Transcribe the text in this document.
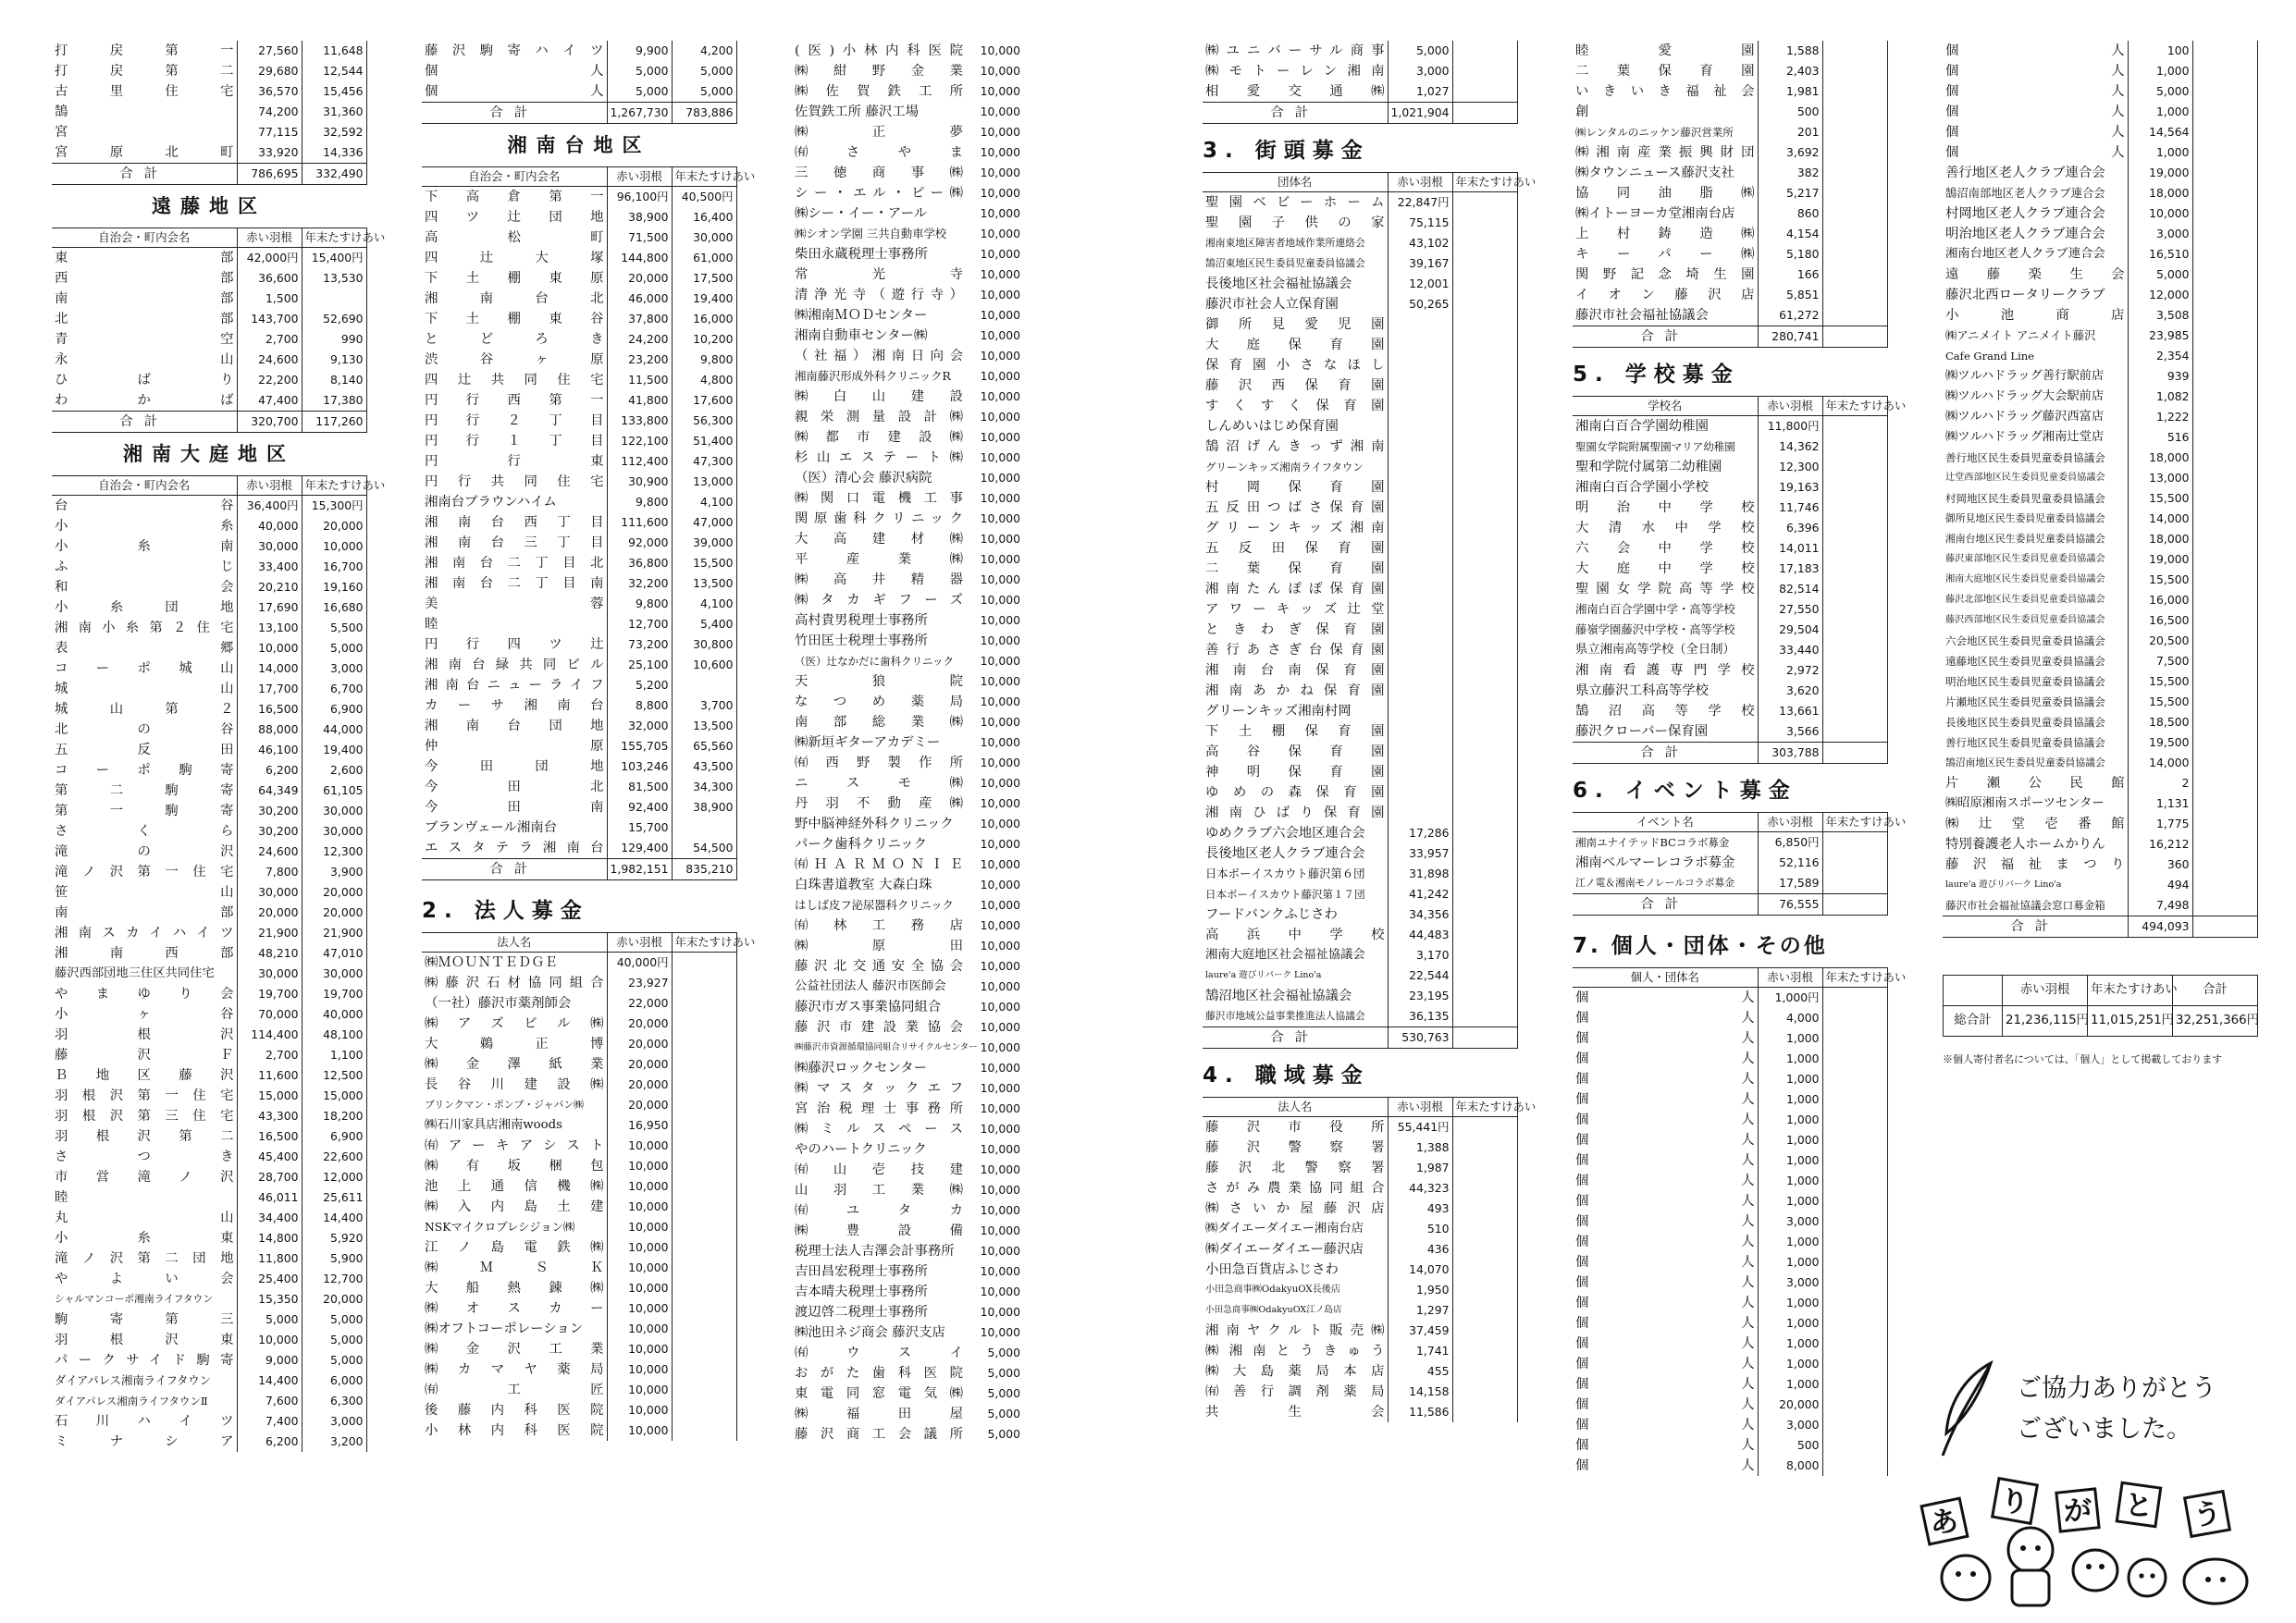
打戻第一	27,560	11,648
打戻第二	29,680	12,544
古里住宅	36,570	15,456
鵠	74,200	31,360
宮	77,115	32,592
宮原北町	33,920	14,336
合計	786,695	332,490
遠藤地区
自治会・町内会名	赤い羽根	年末たすけあい
東部	42,000円	15,400円
西部	36,600	13,530
南部	1,500	
北部	143,700	52,690
青空	2,700	990
永山	24,600	9,130
ひばり	22,200	8,140
わかば	47,400	17,380
合計	320,700	117,260
湘南大庭地区
自治会・町内会名	赤い羽根	年末たすけあい
台谷	36,400円	15,300円
小糸	40,000	20,000
小糸南	30,000	10,000
ふじ	33,400	16,700
和会	20,210	19,160
小糸団地	17,690	16,680
湘南小糸第２住宅	13,100	5,500
表郷	10,000	5,000
コーポ城山	14,000	3,000
城山	17,700	6,700
城山第２	16,500	6,900
北の谷	88,000	44,000
五反田	46,100	19,400
コーポ駒寄	6,200	2,600
第二駒寄	64,349	61,105
第一駒寄	30,200	30,000
さくら	30,200	30,000
滝の沢	24,600	12,300
滝ノ沢第一住宅	7,800	3,900
笹山	30,000	20,000
南部	20,000	20,000
湘南スカイハイツ	21,900	21,900
湘南西部	48,210	47,010
藤沢西部団地三住区共同住宅	30,000	30,000
やまゆり会	19,700	19,700
小ヶ谷	70,000	40,000
羽根沢	114,400	48,100
藤沢Ｆ	2,700	1,100
Ｂ地区藤沢	11,600	12,500
羽根沢第一住宅	15,000	15,000
羽根沢第三住宅	43,300	18,200
羽根沢第二	16,500	6,900
さつき	45,400	22,600
市営滝ノ沢	28,700	12,000
睦	46,011	25,611
丸山	34,400	14,400
小糸東	14,800	5,920
滝ノ沢第二団地	11,800	5,900
やよい会	25,400	12,700
シャルマンコーポ湘南ライフタウン	15,350	20,000
駒寄第三	5,000	5,000
羽根沢東	10,000	5,000
パークサイド駒寄	9,000	5,000
ダイアパレス湘南ライフタウン	14,400	6,000
ダイアパレス湘南ライフタウンⅡ	7,600	6,300
石川ハイツ	7,400	3,000
ミナシア	6,200	3,200
藤沢駒寄ハイツ	9,900	4,200
個人	5,000	5,000
個人	5,000	5,000
合計	1,267,730	783,886
湘南台地区
自治会・町内会名	赤い羽根	年末たすけあい
下高倉第一	96,100円	40,500円
四ツ辻団地	38,900	16,400
高松町	71,500	30,000
四辻大塚	144,800	61,000
下土棚東原	20,000	17,500
湘南台北	46,000	19,400
下土棚東谷	37,800	16,000
とどろき	24,200	10,200
渋谷ヶ原	23,200	9,800
四辻共同住宅	11,500	4,800
円行西第一	41,800	17,600
円行２丁目	133,800	56,300
円行１丁目	122,100	51,400
円行東	112,400	47,300
円行共同住宅	30,900	13,000
湘南台ブラウンハイム	9,800	4,100
湘南台西丁目	111,600	47,000
湘南台三丁目	92,000	39,000
湘南台二丁目北	36,800	15,500
湘南台二丁目南	32,200	13,500
美蓉	9,800	4,100
睦	12,700	5,400
円行四ツ辻	73,200	30,800
湘南台緑共同ビル	25,100	10,600
湘南台ニューライフ	5,200	
カーサ湘南台	8,800	3,700
湘南台団地	32,000	13,500
仲原	155,705	65,560
今田団地	103,246	43,500
今田北	81,500	34,300
今田南	92,400	38,900
ブランヴェール湘南台	15,700	
エスタテラ湘南台	129,400	54,500
合計	1,982,151	835,210
2. 法人募金
法人名	赤い羽根	年末たすけあい
㈱ＭＯＵＮＴＥＤＧＥ	40,000円	
㈱藤沢石材協同組合	23,927	
（一社）藤沢市薬剤師会	22,000	
㈱アズビル㈱	20,000	
大鵜正博	20,000	
㈱金澤紙業	20,000	
長谷川建設㈱	20,000	
ブリンクマン・ポンプ・ジャパン㈱	20,000	
㈱石川家具店湘南woods	16,950	
㈲アーキアシスト	10,000	
㈱有坂梱包	10,000	
池上通信機㈱	10,000	
㈱入内島土建	10,000	
NSKマイクロプレシジョン㈱	10,000	
江ノ島電鉄㈱	10,000	
㈱ＭＳＫ	10,000	
大船熱錬㈱	10,000	
㈱オスカー	10,000	
㈱オフトコーポレーション	10,000	
㈱金沢工業	10,000	
㈱カマヤ薬局	10,000	
㈲工匠	10,000	
後藤内科医院	10,000	
小林内科医院	10,000	
(医)小林内科医院	10,000
㈱紺野金業	10,000
㈱佐賀鉄工所	10,000
佐賀鉄工所 藤沢工場	10,000
㈱正夢	10,000
㈲さやま	10,000
三徳商事㈱	10,000
シー・エル・ピー㈱	10,000
㈱シー・イー・アール	10,000
㈱シオン学園 三共自動車学校	10,000
柴田永蔵税理士事務所	10,000
常光寺	10,000
清浄光寺（遊行寺）	10,000
㈱湘南ＭＯＤセンター	10,000
湘南自動車センター㈱	10,000
（社福）湘南日向会	10,000
湘南藤沢形成外科クリニックR	10,000
㈱白山建設	10,000
親栄測量設計㈱	10,000
㈱都市建設㈱	10,000
杉山エステート㈱	10,000
（医）清心会 藤沢病院	10,000
㈱関口電機工事	10,000
関原歯科クリニック	10,000
大高建材㈱	10,000
平産業㈱	10,000
㈱高井精器	10,000
㈱タカギフーズ	10,000
高村貴男税理士事務所	10,000
竹田匡士税理士事務所	10,000
（医）辻なかだに歯科クリニック	10,000
天狼院	10,000
なつめ薬局	10,000
南部総業㈱	10,000
㈱新垣ギターアカデミー	10,000
㈲西野製作所	10,000
ニスモ㈱	10,000
丹羽不動産㈱	10,000
野中脳神経外科クリニック	10,000
パーク歯科クリニック	10,000
㈲ＨＡＲＭＯＮＩＥ	10,000
白珠書道教室 大森白珠	10,000
はしば皮フ泌尿器科クリニック	10,000
㈲林工務店	10,000
㈱原田	10,000
藤沢北交通安全協会	10,000
公益社団法人 藤沢市医師会	10,000
藤沢市ガス事業協同組合	10,000
藤沢市建設業協会	10,000
㈱藤沢市資源循環協同組合リサイクルセンター	10,000
㈱藤沢ロックセンター	10,000
㈱マスタックエフ	10,000
宮治税理士事務所	10,000
㈱ミルスペース	10,000
やのハートクリニック	10,000
㈲山壱技建	10,000
山羽工業㈱	10,000
㈲ユタカ	10,000
㈱豊設備	10,000
税理士法人吉澤会計事務所	10,000
吉田昌宏税理士事務所	10,000
吉本晴夫税理士事務所	10,000
渡辺啓二税理士事務所	10,000
㈱池田ネジ商会 藤沢支店	10,000
㈲ウスイ	5,000
おがた歯科医院	5,000
東電同窓電気㈱	5,000
㈱福田屋	5,000
藤沢商工会議所	5,000
㈱ユニバーサル商事	5,000	
㈱モトーレン湘南	3,000	
相愛交通㈱	1,027	
合計	1,021,904	
3. 街頭募金
団体名	赤い羽根	年末たすけあい
聖園ベビーホーム	22,847円	
聖園子供の家	75,115	
湘南東地区障害者地域作業所連絡会	43,102	
鵠沼東地区民生委員児童委員協議会	39,167	
長後地区社会福祉協議会	12,001	
藤沢市社会人立保育園	50,265	
御所見愛児園		
大庭保育園		
保育園小さなほし		
藤沢西保育園		
すくすく保育園		
しんめいはじめ保育園		
鵠沼げんきっず湘南		
グリーンキッズ湘南ライフタウン		
村岡保育園		
五反田つばさ保育園		
グリーンキッズ湘南		
五反田保育園		
二葉保育園		
湘南たんぽぽ保育園		
アワーキッズ辻堂		
ときわぎ保育園		
善行あさぎ台保育園		
湘南台南保育園		
湘南あかね保育園		
グリーンキッズ湘南村岡		
下土棚保育園		
高谷保育園		
神明保育園		
ゆめの森保育園		
湘南ひばり保育園		
ゆめクラブ六会地区連合会	17,286	
長後地区老人クラブ連合会	33,957	
日本ボーイスカウト藤沢第６団	31,898	
日本ボーイスカウト藤沢第１７団	41,242	
フードバンクふじさわ	34,356	
高浜中学校	44,483	
湘南大庭地区社会福祉協議会	3,170	
laure'a 遊びリパーク Lino'a	22,544	
鵠沼地区社会福祉協議会	23,195	
藤沢市地域公益事業推進法人協議会	36,135	
合計	530,763	
4. 職域募金
法人名	赤い羽根	年末たすけあい
藤沢市役所	55,441円	
藤沢警察署	1,388	
藤沢北警察署	1,987	
さがみ農業協同組合	44,323	
㈱さいか屋藤沢店	493	
㈱ダイエーダイエー湘南台店	510	
㈱ダイエーダイエー藤沢店	436	
小田急百貨店ふじさわ	14,070	
小田急商事㈱OdakyuOX長後店	1,950	
小田急商事㈱OdakyuOX江ノ島店	1,297	
湘南ヤクルト販売㈱	37,459	
㈱湘南とうきゅう	1,741	
㈱大島薬局本店	455	
㈲善行調剤薬局	14,158	
共生会	11,586	
睦愛園	1,588	
二葉保育園	2,403	
いきいき福祉会	1,981	
創	500	
㈱レンタルのニッケン藤沢営業所	201	
㈱湘南産業振興財団	3,692	
㈱タウンニュース藤沢支社	382	
協同油脂㈱	5,217	
㈱イトーヨーカ堂湘南台店	860	
上村鋳造㈱	4,154	
キーパー㈱	5,180	
関野記念埼生園	166	
イオン藤沢店	5,851	
藤沢市社会福祉協議会	61,272	
合計	280,741	
5. 学校募金
学校名	赤い羽根	年末たすけあい
湘南白百合学園幼稚園	11,800円	
聖園女学院附属聖園マリア幼稚園	14,362	
聖和学院付属第二幼稚園	12,300	
湘南白百合学園小学校	19,163	
明治中学校	11,746	
大清水中学校	6,396	
六会中学校	14,011	
大庭中学校	17,183	
聖園女学院高等学校	82,514	
湘南白百合学園中学・高等学校	27,550	
藤嶺学園藤沢中学校・高等学校	29,504	
県立湘南高等学校（全日制）	33,440	
湘南看護専門学校	2,972	
県立藤沢工科高等学校	3,620	
鵠沼高等学校	13,661	
藤沢クローバー保育園	3,566	
合計	303,788	
6. イベント募金
イベント名	赤い羽根	年末たすけあい
湘南ユナイテッドBCコラボ募金	6,850円	
湘南ベルマーレコラボ募金	52,116	
江ノ電＆湘南モノレールコラボ募金	17,589	
合計	76,555	
7. 個人・団体・その他
個人・団体名	赤い羽根	年末たすけあい
個人	1,000円	
個人	4,000	
個人	1,000	
個人	1,000	
個人	1,000	
個人	1,000	
個人	1,000	
個人	1,000	
個人	1,000	
個人	1,000	
個人	1,000	
個人	3,000	
個人	1,000	
個人	1,000	
個人	3,000	
個人	1,000	
個人	1,000	
個人	1,000	
個人	1,000	
個人	1,000	
個人	20,000	
個人	3,000	
個人	500	
個人	8,000	
個人	100	
個人	1,000	
個人	5,000	
個人	1,000	
個人	14,564	
個人	1,000	
善行地区老人クラブ連合会	19,000	
鵠沼南部地区老人クラブ連合会	18,000	
村岡地区老人クラブ連合会	10,000	
明治地区老人クラブ連合会	3,000	
湘南台地区老人クラブ連合会	16,510	
遠藤楽生会	5,000	
藤沢北西ロータリークラブ	12,000	
小池商店	3,508	
㈱アニメイト アニメイト藤沢	23,985	
Cafe Grand Line	2,354	
㈱ツルハドラッグ善行駅前店	939	
㈱ツルハドラッグ大会駅前店	1,082	
㈱ツルハドラッグ藤沢西富店	1,222	
㈱ツルハドラッグ湘南辻堂店	516	
善行地区民生委員児童委員協議会	18,000	
辻堂西部地区民生委員児童委員協議会	13,000	
村岡地区民生委員児童委員協議会	15,500	
御所見地区民生委員児童委員協議会	14,000	
湘南台地区民生委員児童委員協議会	18,000	
藤沢東部地区民生委員児童委員協議会	19,000	
湘南大庭地区民生委員児童委員協議会	15,500	
藤沢北部地区民生委員児童委員協議会	16,000	
藤沢西部地区民生委員児童委員協議会	16,500	
六会地区民生委員児童委員協議会	20,500	
遠藤地区民生委員児童委員協議会	7,500	
明治地区民生委員児童委員協議会	15,500	
片瀬地区民生委員児童委員協議会	15,500	
長後地区民生委員児童委員協議会	18,500	
善行地区民生委員児童委員協議会	19,500	
鵠沼南地区民生委員児童委員協議会	14,000	
片瀬公民館	2	
㈱昭原湘南スポーツセンター	1,131	
㈱辻堂壱番館	1,775	
特別養護老人ホームかりん	16,212	
藤沢福祉まつり	360	
laure'a 遊びリパーク Lino'a	494	
藤沢市社会福祉協議会窓口募金箱	7,498	
合計	494,093	
	赤い羽根	年末たすけあい	合計
総合計	21,236,115円	11,015,251円	32,251,366円
※個人寄付者名については、「個人」として掲載しております
ご協力ありがとう
ございました。
あ
り が と う
